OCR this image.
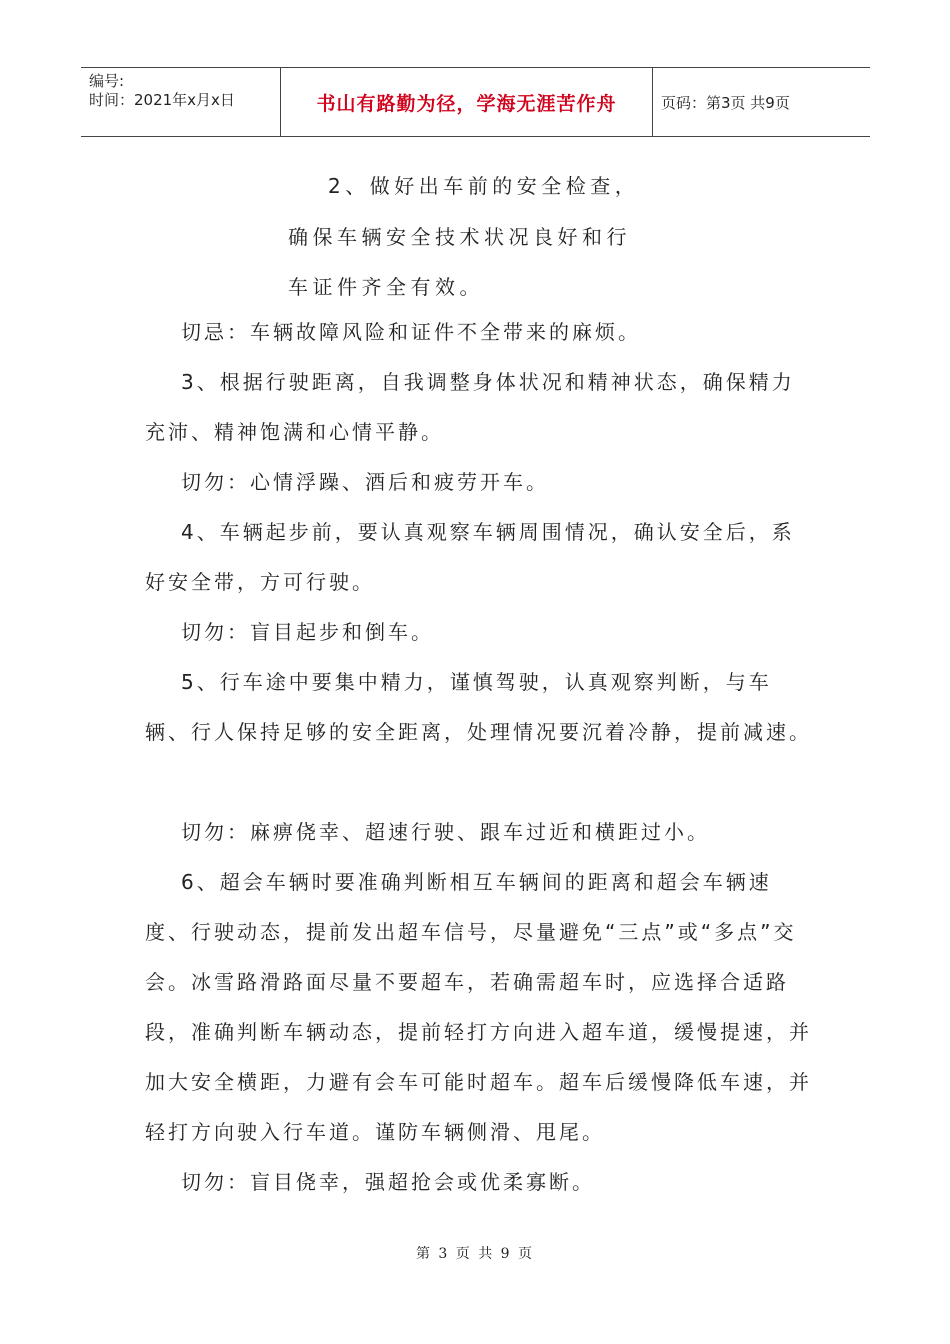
编号:
时间：2021年x月x日	书山有路勤为径，学海无涯苦作舟	页码：第3页 共9页

2、做好出车前的安全检查，

确保车辆安全技术状况良好和行

车证件齐全有效。

切忌：车辆故障风险和证件不全带来的麻烦。

3、根据行驶距离，自我调整身体状况和精神状态，确保精力充沛、精神饱满和心情平静。

切勿：心情浮躁、酒后和疲劳开车。

4、车辆起步前，要认真观察车辆周围情况，确认安全后，系好安全带，方可行驶。

切勿：盲目起步和倒车。

5、行车途中要集中精力，谨慎驾驶，认真观察判断，与车辆、行人保持足够的安全距离，处理情况要沉着冷静，提前减速。

切勿：麻痹侥幸、超速行驶、跟车过近和横距过小。

6、超会车辆时要准确判断相互车辆间的距离和超会车辆速度、行驶动态，提前发出超车信号，尽量避免“三点”或“多点”交会。冰雪路滑路面尽量不要超车，若确需超车时，应选择合适路段，准确判断车辆动态，提前轻打方向进入超车道，缓慢提速，并加大安全横距，力避有会车可能时超车。超车后缓慢降低车速，并轻打方向驶入行车道。谨防车辆侧滑、甩尾。

切勿：盲目侥幸，强超抢会或优柔寡断。

第 3 页 共 9 页
